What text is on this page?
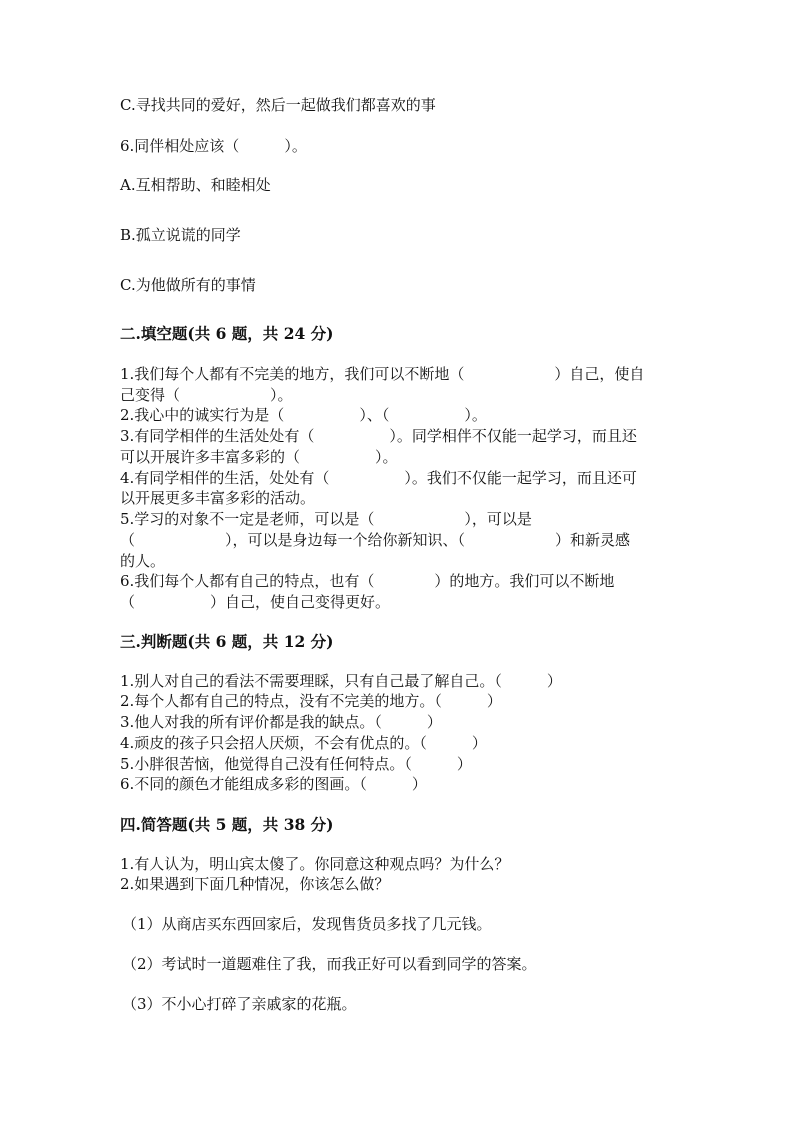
C.寻找共同的爱好，然后一起做我们都喜欢的事
6.同伴相处应该（　　　）。
A.互相帮助、和睦相处
B.孤立说谎的同学
C.为他做所有的事情
二.填空题(共 6 题，共 24 分)
1.我们每个人都有不完美的地方，我们可以不断地（　　　　　　）自己，使自
己变得（　　　　　　）。
2.我心中的诚实行为是（　　　　　）、（　　　　　）。
3.有同学相伴的生活处处有（　　　　　）。同学相伴不仅能一起学习，而且还
可以开展许多丰富多彩的（　　　　　）。
4.有同学相伴的生活，处处有（　　　　　）。我们不仅能一起学习，而且还可
以开展更多丰富多彩的活动。
5.学习的对象不一定是老师，可以是（　　　　　　），可以是
（　　　　　　），可以是身边每一个给你新知识、（　　　　　　）和新灵感
的人。
6.我们每个人都有自己的特点，也有（　　　　）的地方。我们可以不断地
（　　　　　）自己，使自己变得更好。
三.判断题(共 6 题，共 12 分)
1.别人对自己的看法不需要理睬，只有自己最了解自己。（　　　）
2.每个人都有自己的特点，没有不完美的地方。（　　　）
3.他人对我的所有评价都是我的缺点。（　　　）
4.顽皮的孩子只会招人厌烦，不会有优点的。（　　　）
5.小胖很苦恼，他觉得自己没有任何特点。（　　　）
6.不同的颜色才能组成多彩的图画。（　　　）
四.简答题(共 5 题，共 38 分)
1.有人认为，明山宾太傻了。你同意这种观点吗？为什么？
2.如果遇到下面几种情况，你该怎么做？
（1）从商店买东西回家后，发现售货员多找了几元钱。
（2）考试时一道题难住了我，而我正好可以看到同学的答案。
（3）不小心打碎了亲戚家的花瓶。
